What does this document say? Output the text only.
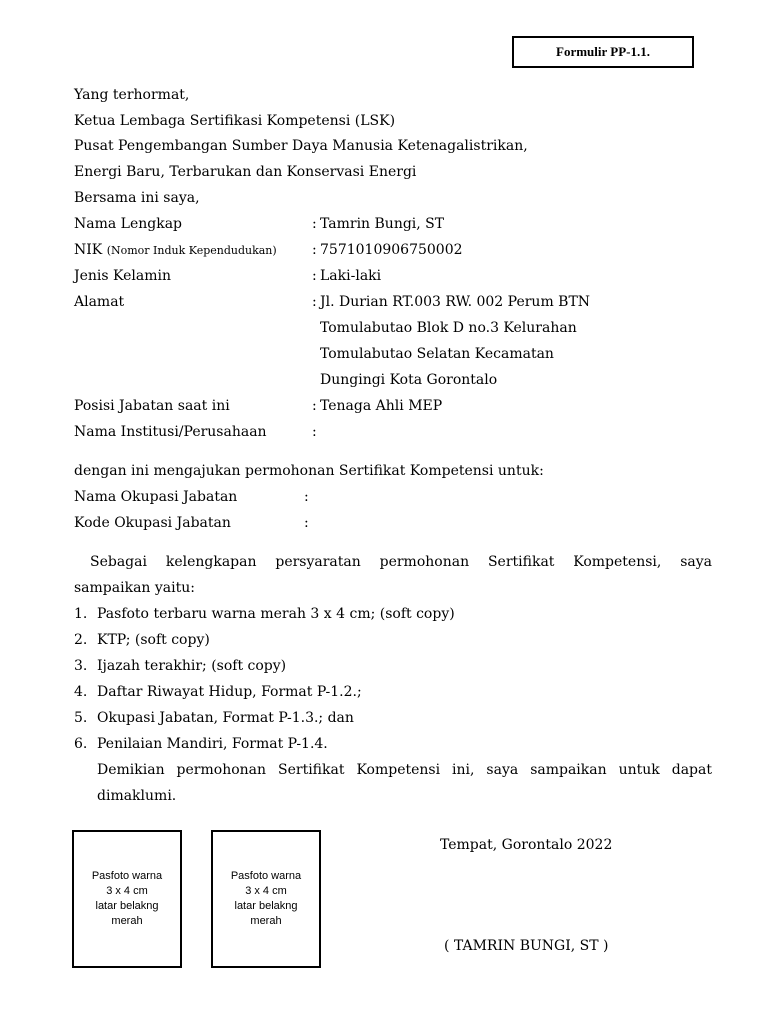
Formulir PP-1.1.
Yang terhormat,
Ketua Lembaga Sertifikasi Kompetensi (LSK)
Pusat Pengembangan Sumber Daya Manusia Ketenagalistrikan,
Energi Baru, Terbarukan dan Konservasi Energi
Bersama ini saya,
Nama Lengkap	: Tamrin Bungi, ST
NIK (Nomor Induk Kependudukan)	: 7571010906750002
Jenis Kelamin	: Laki-laki
Alamat	: Jl. Durian RT.003 RW. 002 Perum BTN
Tomulabutao Blok D no.3 Kelurahan
Tomulabutao Selatan Kecamatan
Dungingi Kota Gorontalo
Posisi Jabatan saat ini	: Tenaga Ahli MEP
Nama Institusi/Perusahaan	:
dengan ini mengajukan permohonan Sertifikat Kompetensi untuk:
Nama Okupasi Jabatan	:
Kode Okupasi Jabatan	:
Sebagai kelengkapan persyaratan permohonan Sertifikat Kompetensi, saya
sampaikan yaitu:
1. Pasfoto terbaru warna merah 3 x 4 cm; (soft copy)
2. KTP; (soft copy)
3. Ijazah terakhir; (soft copy)
4. Daftar Riwayat Hidup, Format P-1.2.;
5. Okupasi Jabatan, Format P-1.3.; dan
6. Penilaian Mandiri, Format P-1.4.
Demikian permohonan Sertifikat Kompetensi ini, saya sampaikan untuk dapat
dimaklumi.
Pasfoto warna
3 x 4 cm
latar belakng
merah
Pasfoto warna
3 x 4 cm
latar belakng
merah
Tempat, Gorontalo 2022
( TAMRIN BUNGI, ST )
